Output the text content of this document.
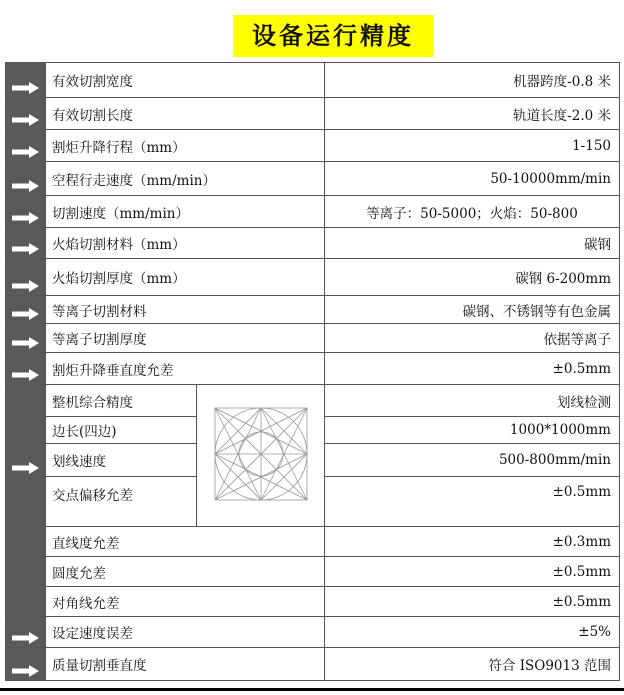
设备运行精度
	有效切割宽度		机器跨度-0.8 米

	有效切割长度		轨道长度-2.0 米

	割炬升降行程（mm）		1-150

	空程行走速度（mm/min）		50-10000mm/min

	切割速度（mm/min）		等离子：50-5000；火焰：50-800

	火焰切割材料（mm）		碳钢

	火焰切割厚度（mm）		碳钢 6-200mm

	等离子切割材料		碳钢、不锈钢等有色金属

	等离子切割厚度		依据等离子

	割炬升降垂直度允差		±0.5mm

	整机综合精度		划线检测
	边长(四边)		1000*1000mm
	划线速度		500-800mm/min
	交点偏移允差		±0.5mm
	直线度允差		±0.3mm
	圆度允差		±0.5mm
	对角线允差		±0.5mm

	设定速度误差		±5%

	质量切割垂直度		符合 ISO9013 范围
